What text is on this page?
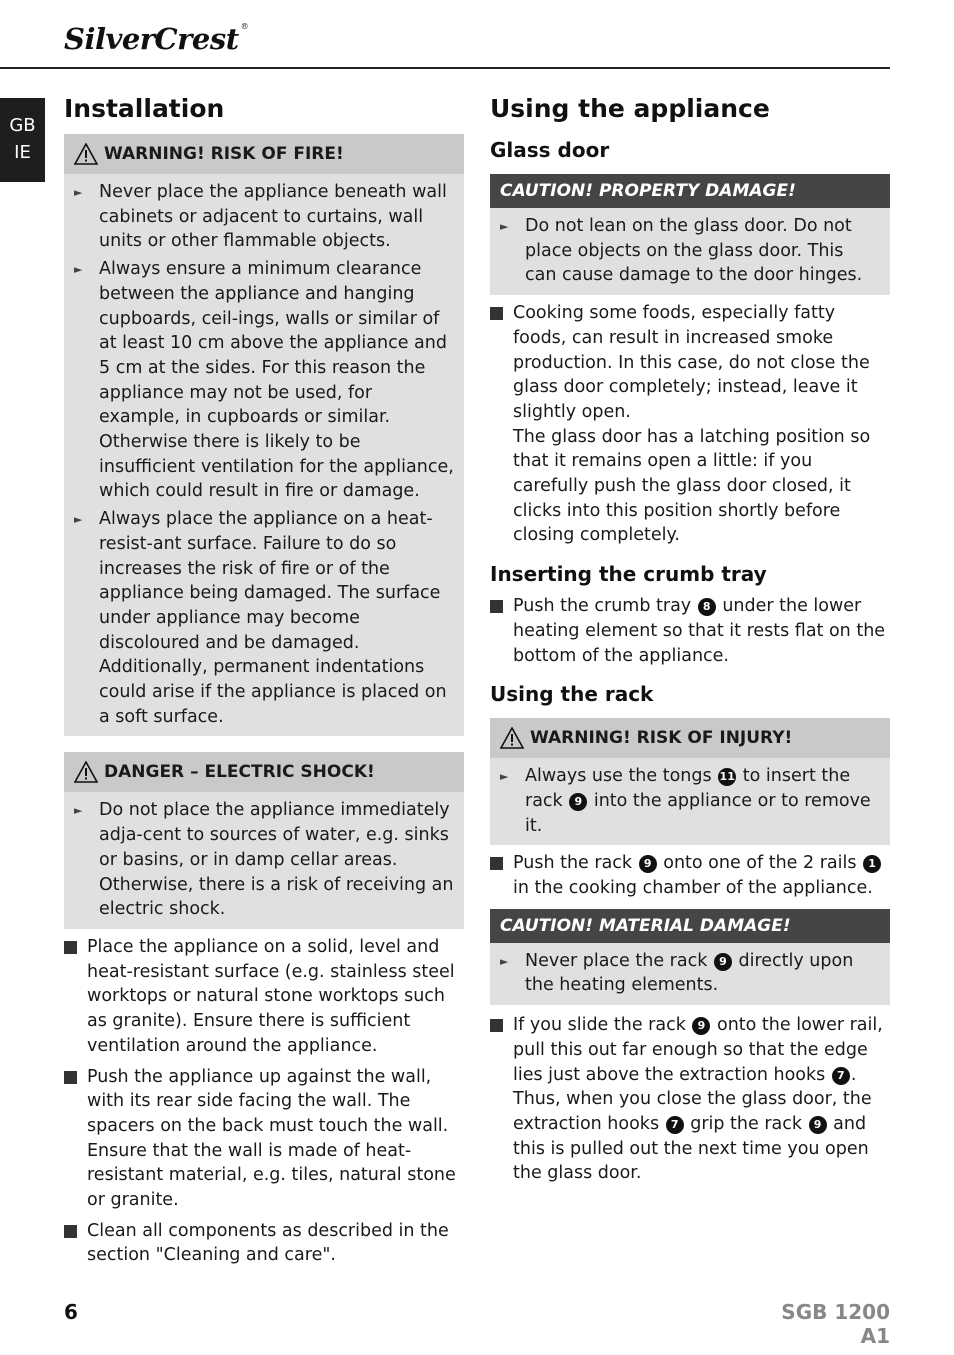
SilverCrest ®
GB
IE
Installation
WARNING! RISK OF FIRE!
► Never place the appliance beneath wall cabinets or adjacent to curtains, wall units or other flammable objects.
► Always ensure a minimum clearance between the appliance and hanging cupboards, ceil-ings, walls or similar of at least 10 cm above the appliance and 5 cm at the sides. For this reason the appliance may not be used, for example, in cupboards or similar. Otherwise there is likely to be insufficient ventilation for the appliance, which could result in fire or damage.
► Always place the appliance on a heat-resist-ant surface. Failure to do so increases the risk of fire or of the appliance being damaged. The surface under appliance may become discoloured and be damaged. Additionally, permanent indentations could arise if the appliance is placed on a soft surface.
DANGER – ELECTRIC SHOCK!
► Do not place the appliance immediately adja-cent to sources of water, e.g. sinks or basins, or in damp cellar areas. Otherwise, there is a risk of receiving an electric shock.
Place the appliance on a solid, level and heat-resistant surface (e.g. stainless steel worktops or natural stone worktops such as granite). Ensure there is sufficient ventilation around the appliance.
Push the appliance up against the wall, with its rear side facing the wall. The spacers on the back must touch the wall. Ensure that the wall is made of heat-resistant material, e.g. tiles, natural stone or granite.
Clean all components as described in the section "Cleaning and care".
Using the appliance
Glass door
CAUTION! PROPERTY DAMAGE!
► Do not lean on the glass door. Do not place objects on the glass door. This can cause damage to the door hinges.
Cooking some foods, especially fatty foods, can result in increased smoke production. In this case, do not close the glass door completely; instead, leave it slightly open.
The glass door has a latching position so that it remains open a little: if you carefully push the glass door closed, it clicks into this position shortly before closing completely.
Inserting the crumb tray
Push the crumb tray 8 under the lower heating element so that it rests flat on the bottom of the appliance.
Using the rack
WARNING! RISK OF INJURY!
► Always use the tongs 11 to insert the rack 9 into the appliance or to remove it.
Push the rack 9 onto one of the 2 rails 1 in the cooking chamber of the appliance.
CAUTION! MATERIAL DAMAGE!
► Never place the rack 9 directly upon the heating elements.
If you slide the rack 9 onto the lower rail, pull this out far enough so that the edge lies just above the extraction hooks 7 . Thus, when you close the glass door, the extraction hooks 7 grip the rack 9 and this is pulled out the next time you open the glass door.
6	SGB 1200 A1
